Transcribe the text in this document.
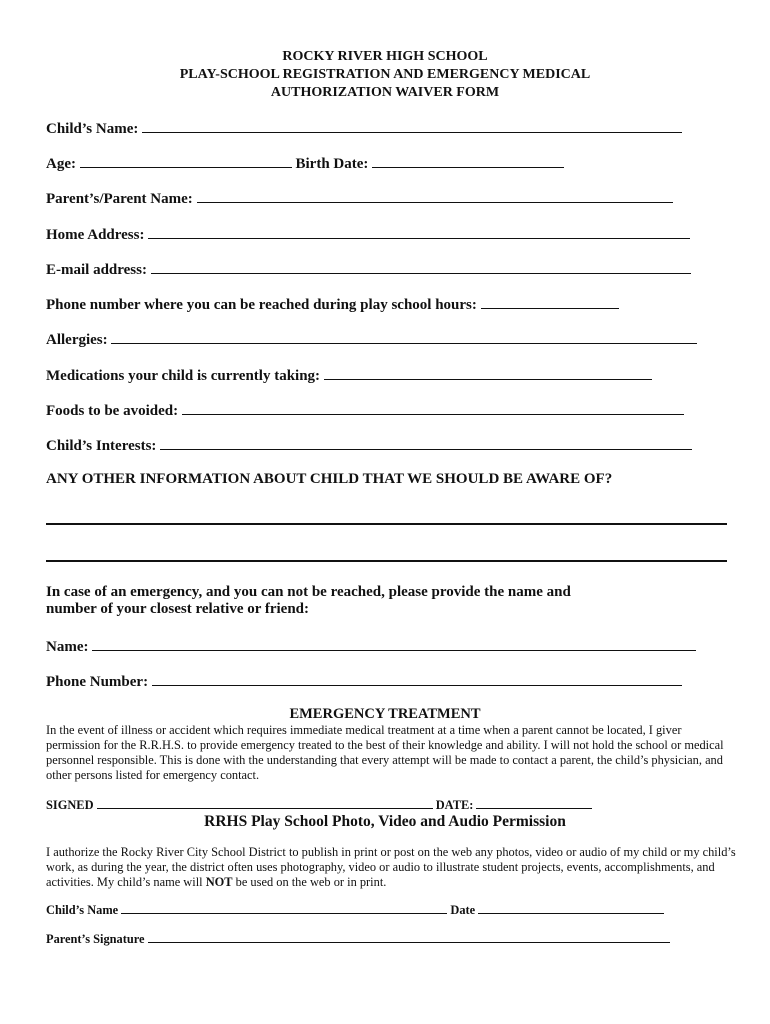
ROCKY RIVER HIGH SCHOOL
PLAY-SCHOOL REGISTRATION AND EMERGENCY MEDICAL
AUTHORIZATION WAIVER FORM
Child’s Name:
Age:	Birth Date:
Parent’s/Parent Name:
Home Address:
E-mail address:
Phone number where you can be reached during play school hours:
Allergies:
Medications your child is currently taking:
Foods to be avoided:
Child’s Interests:
ANY OTHER INFORMATION ABOUT CHILD THAT WE SHOULD BE AWARE OF?
In case of an emergency, and you can not be reached, please provide the name and
number of your closest relative or friend:
Name:
Phone Number:
EMERGENCY TREATMENT
In the event of illness or accident which requires immediate medical treatment at a time when a parent cannot be located, I giver permission for the R.R.H.S. to provide emergency treated to the best of their knowledge and ability. I will not hold the school or medical personnel responsible. This is done with the understanding that every attempt will be made to contact a parent, the child’s physician, and other persons listed for emergency contact.
SIGNED	DATE:
RRHS Play School Photo, Video and Audio Permission
I authorize the Rocky River City School District to publish in print or post on the web any photos, video or audio of my child or my child’s work, as during the year, the district often uses photography, video or audio to illustrate student projects, events, accomplishments, and activities. My child’s name will NOT be used on the web or in print.
Child’s Name	Date
Parent’s Signature
